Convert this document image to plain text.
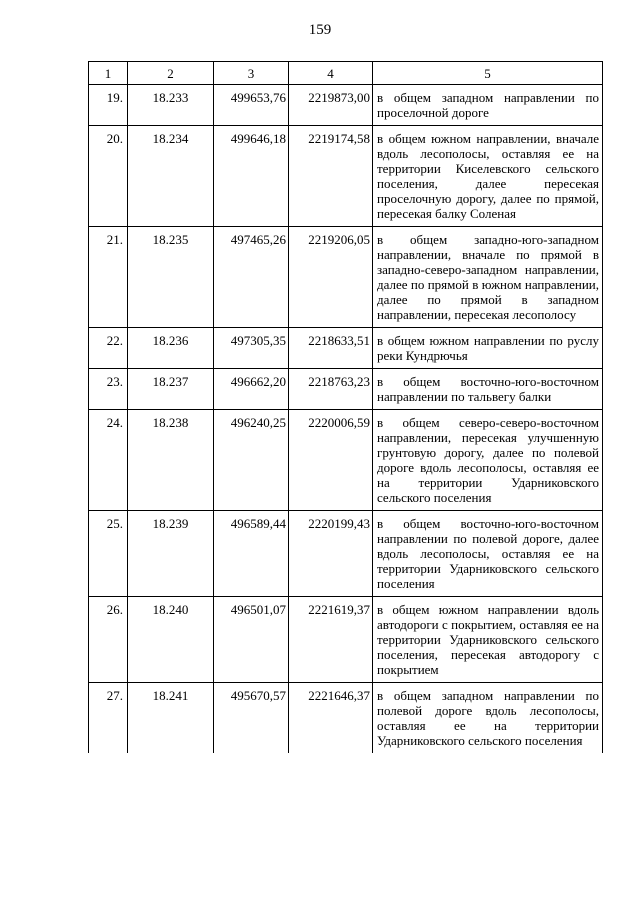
159
1	2	3	4	5
19.	18.233	499653,76	2219873,00	в общем западном направлении по проселочной дороге
20.	18.234	499646,18	2219174,58	в общем южном направлении, вначале вдоль лесополосы, оставляя ее на территории Киселевского сельского поселения, далее пересекая проселочную дорогу, далее по прямой, пересекая балку Соленая
21.	18.235	497465,26	2219206,05	в общем западно-юго-западном направлении, вначале по прямой в западно-северо-западном направлении, далее по прямой в южном направлении, далее по прямой в западном направлении, пересекая лесополосу
22.	18.236	497305,35	2218633,51	в общем южном направлении по руслу реки Кундрючья
23.	18.237	496662,20	2218763,23	в общем восточно-юго-восточном направлении по тальвегу балки
24.	18.238	496240,25	2220006,59	в общем северо-северо-восточном направлении, пересекая улучшенную грунтовую дорогу, далее по полевой дороге вдоль лесополосы, оставляя ее на территории Ударниковского сельского поселения
25.	18.239	496589,44	2220199,43	в общем восточно-юго-восточном направлении по полевой дороге, далее вдоль лесополосы, оставляя ее на территории Ударниковского сельского поселения
26.	18.240	496501,07	2221619,37	в общем южном направлении вдоль автодороги с покрытием, оставляя ее на территории Ударниковского сельского поселения, пересекая автодорогу с покрытием
27.	18.241	495670,57	2221646,37	в общем западном направлении по полевой дороге вдоль лесополосы, оставляя ее на территории Ударниковского сельского поселения
